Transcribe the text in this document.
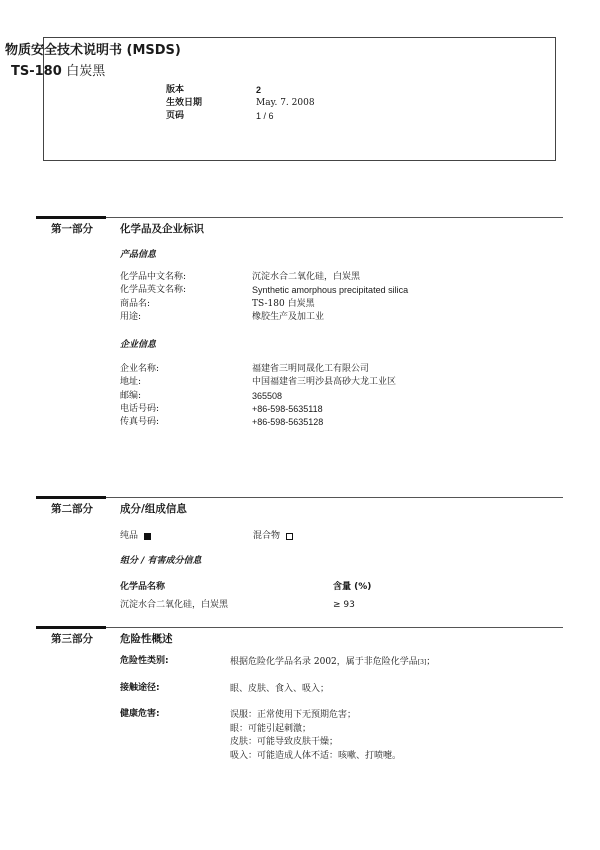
物质安全技术说明书 (MSDS)
TS-180 白炭黑
版本	2
生效日期	May. 7. 2008
页码	1 / 6
第一部分	化学品及企业标识
产品信息
化学品中文名称:	沉淀水合二氧化硅，白炭黑
化学品英文名称:	Synthetic amorphous precipitated silica
商品名:	TS-180 白炭黑
用途:	橡胶生产及加工业
企业信息
企业名称:	福建省三明同晟化工有限公司
地址:	中国福建省三明沙县高砂大龙工业区
邮编:	365508
电话号码:	+86-598-5635118
传真号码:	+86-598-5635128
第二部分	成分/组成信息
纯品	混合物
组分 / 有害成分信息
化学品名称	含量 (%)
沉淀水合二氧化硅，白炭黑	≥ 93
第三部分	危险性概述
危险性类别:	根据危险化学品名录 2002，属于非危险化学品 [3] ；
接触途径:	眼、皮肤、食入、吸入；
健康危害:	误服：正常使用下无预期危害；
眼：可能引起刺激；
皮肤：可能导致皮肤干燥；
吸入：可能造成人体不适：咳嗽、打喷嚏。
